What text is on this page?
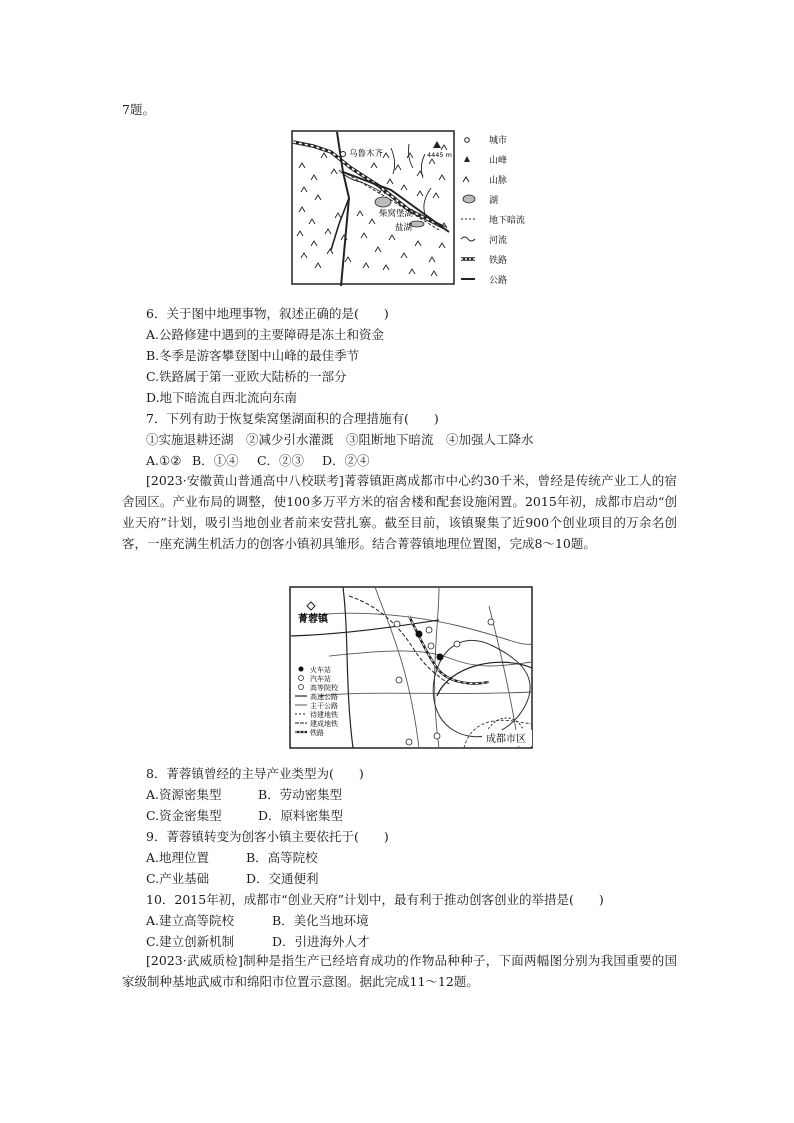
7题。
乌鲁木齐
柴窝堡湖
盐湖
4445 m
城市
山峰
山脉
湖
地下暗流
河流
铁路
公路
6．关于图中地理事物，叙述正确的是(　　)
A.公路修建中遇到的主要障碍是冻土和资金
B.冬季是游客攀登图中山峰的最佳季节
C.铁路属于第一亚欧大陆桥的一部分
D.地下暗流自西北流向东南
7．下列有助于恢复柴窝堡湖面积的合理措施有(　　)
①实施退耕还湖　②减少引水灌溉　③阻断地下暗流　④加强人工降水
A.①② B．①④ C．②③ D．②④
[2023·安徽黄山普通高中八校联考]菁蓉镇距离成都市中心约30千米，曾经是传统产业工人的宿舍园区。产业布局的调整，使100多万平方米的宿舍楼和配套设施闲置。2015年初，成都市启动“创业天府”计划，吸引当地创业者前来安营扎寨。截至目前，该镇聚集了近900个创业项目的万余名创客，一座充满生机活力的创客小镇初具雏形。结合菁蓉镇地理位置图，完成8～10题。
菁蓉镇
成都市区
火车站
汽车站
高等院校
高速公路
主干公路
待建地铁
建成地铁
铁路
8．菁蓉镇曾经的主导产业类型为(　　)
A.资源密集型	B．劳动密集型
C.资金密集型	D．原料密集型
9．菁蓉镇转变为创客小镇主要依托于(　　)
A.地理位置	B．高等院校
C.产业基础	D．交通便利
10．2015年初，成都市“创业天府”计划中，最有利于推动创客创业的举措是(　　)
A.建立高等院校	B．美化当地环境
C.建立创新机制	D．引进海外人才
[2023·武威质检]制种是指生产已经培育成功的作物品种种子，下面两幅图分别为我国重要的国家级制种基地武威市和绵阳市位置示意图。据此完成11～12题。
